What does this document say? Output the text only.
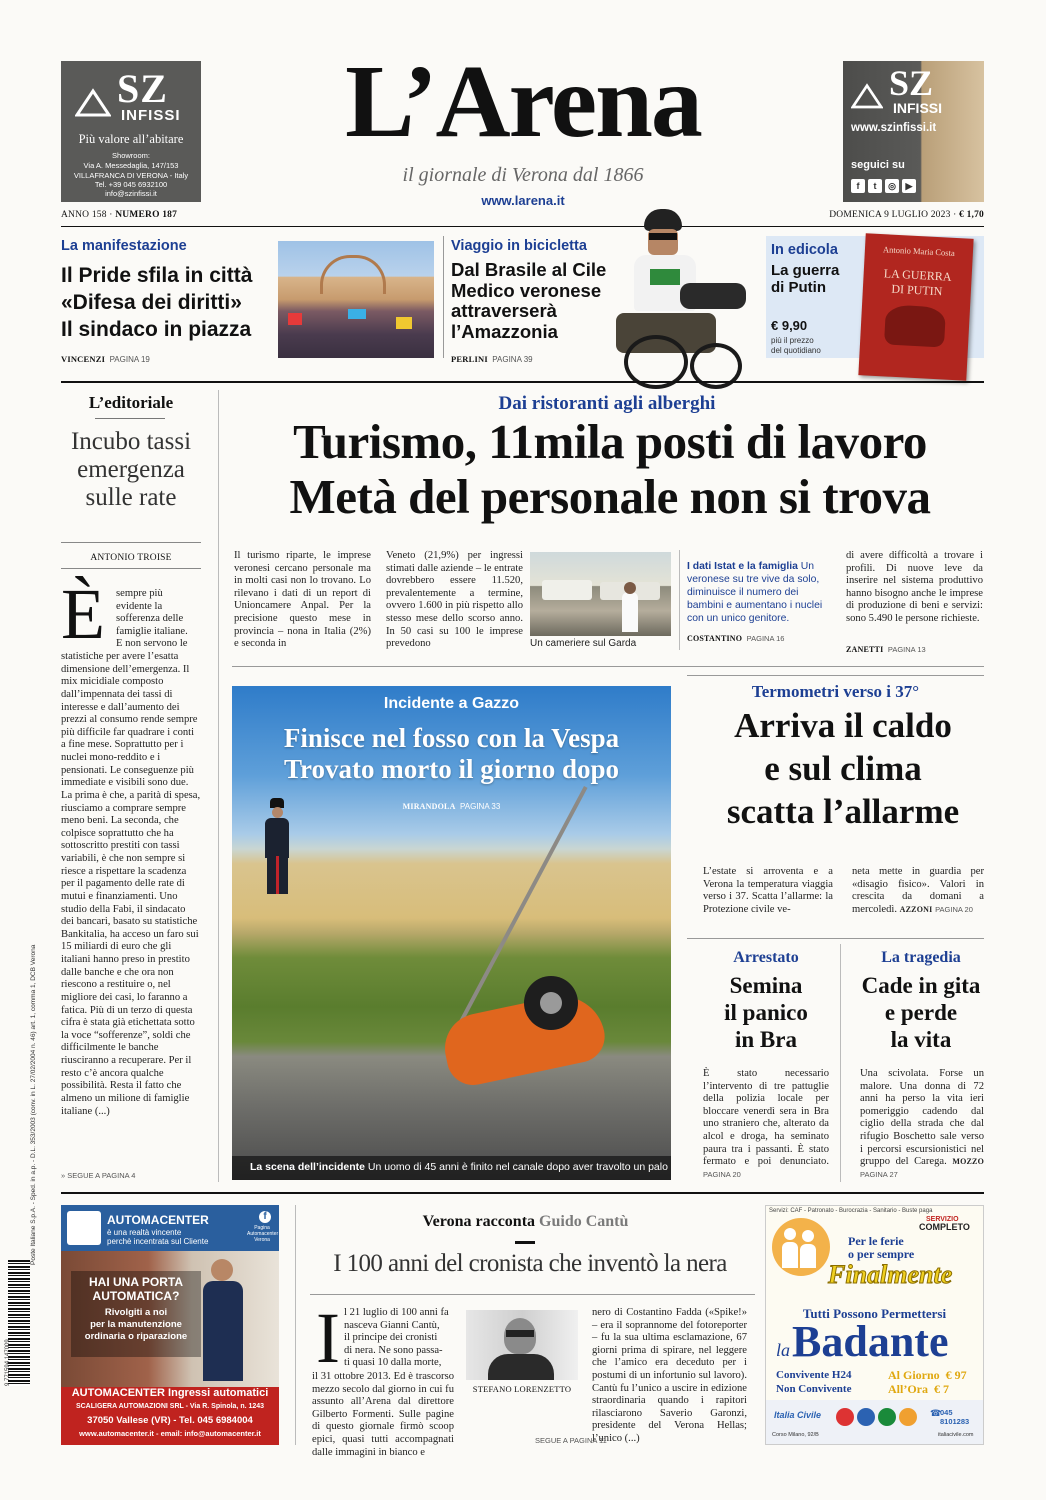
SZ
INFISSI
Più valore all’abitare
Showroom:
Via A. Messedaglia, 147/153
VILLAFRANCA DI VERONA - Italy
Tel. +39 045 6932100
info@szinfissi.it
L’Arena
il giornale di Verona dal 1866
www.larena.it
SZ
INFISSI
www.szinfissi.it
seguici su
f t ◎ ▶
ANNO 158 · NUMERO 187	DOMENICA 9 LUGLIO 2023 · € 1,70
La manifestazione
Il Pride sfila in città
«Difesa dei diritti»
Il sindaco in piazza
VINCENZI PAGINA 19
Viaggio in bicicletta
Dal Brasile al Cile
Medico veronese
attraverserà
l’Amazzonia
PERLINI PAGINA 39
In edicola
La guerra
di Putin
€ 9,90
più il prezzo
del quotidiano
Antonio Maria Costa
LA GUERRA
DI PUTIN
L’editoriale
Incubo tassi
emergenza
sulle rate
ANTONIO TROISE
È sempre più
evidente la
sofferenza delle
famiglie italiane.
E non servono le
statistiche per avere l’esatta dimensione dell’emergenza. Il mix micidiale composto dall’impennata dei tassi di interesse e dall’aumento dei prezzi al consumo rende sempre più difficile far quadrare i conti a fine mese. Soprattutto per i nuclei mono-reddito e i pensionati. Le conseguenze più immediate e visibili sono due. La prima è che, a parità di spesa, riusciamo a comprare sempre meno beni. La seconda, che colpisce soprattutto che ha sottoscritto prestiti con tassi variabili, è che non sempre si riesce a rispettare la scadenza per il pagamento delle rate di mutui e finanziamenti. Uno studio della Fabi, il sindacato dei bancari, basato su statistiche Bankitalia, ha acceso un faro sui 15 miliardi di euro che gli italiani hanno preso in prestito dalle banche e che ora non riescono a restituire o, nel migliore dei casi, lo faranno a fatica. Più di un terzo di questa cifra è stata già etichettata sotto la voce “sofferenze”, soldi che difficilmente le banche riusciranno a recuperare. Per il resto c’è ancora qualche possibilità. Resta il fatto che almeno un milione di famiglie italiane (...)
» SEGUE A PAGINA 4
Dai ristoranti agli alberghi
Turismo, 11mila posti di lavoro
Metà del personale non si trova
Il turismo riparte, le imprese veronesi cercano personale ma in molti casi non lo trovano. Lo rilevano i dati di un report di Unioncamere Anpal. Per la precisione questo mese in provincia – nona in Italia (2%) e seconda in
Veneto (21,9%) per ingressi stimati dalle aziende – le entrate dovrebbero essere 11.520, prevalentemente a termine, ovvero 1.600 in più rispetto allo stesso mese dello scorso anno. In 50 casi su 100 le imprese prevedono	Un cameriere sul Garda
I dati Istat e la famiglia Un veronese su tre vive da solo, diminuisce il numero dei bambini e aumentano i nuclei con un unico genitore.
COSTANTINO PAGINA 16
di avere difficoltà a trovare i profili. Di nuove leve da inserire nel sistema produttivo hanno bisogno anche le imprese di produzione di beni e servizi: sono 5.490 le persone richieste.
ZANETTI PAGINA 13
Incidente a Gazzo
Finisce nel fosso con la Vespa
Trovato morto il giorno dopo
MIRANDOLA PAGINA 33
La scena dell’incidente Un uomo di 45 anni è finito nel canale dopo aver travolto un palo
Termometri verso i 37°
Arriva il caldo
e sul clima
scatta l’allarme
L’estate si arroventa e a Verona la temperatura viaggia verso i 37. Scatta l’allarme: la Protezione civile ve-
neta mette in guardia per «disagio fisico». Valori in crescita da domani a mercoledì. AZZONI PAGINA 20
Arrestato
Semina
il panico
in Bra
È stato necessario l’intervento di tre pattuglie della polizia locale per bloccare venerdì sera in Bra uno straniero che, alterato da alcol e droga, ha seminato paura tra i passanti. È stato fermato e poi denunciato. PAGINA 20
La tragedia
Cade in gita
e perde
la vita
Una scivolata. Forse un malore. Una donna di 72 anni ha perso la vita ieri pomeriggio cadendo dal ciglio della strada che dal rifugio Boschetto sale verso i percorsi escursionistici nel gruppo del Carega. MOZZO PAGINA 27
AUTOMACENTER
è una realtà vincente
perchè incentrata sul Cliente
f
Pagina
Automacenter
Verona
HAI UNA PORTA
AUTOMATICA?
Rivolgiti a noi
per la manutenzione
ordinaria o riparazione
AUTOMACENTER Ingressi automatici
SCALIGERA AUTOMAZIONI SRL - Via R. Spinola, n. 1243
37050 Vallese (VR) - Tel. 045 6984004
www.automacenter.it - email: info@automacenter.it
Verona racconta Guido Cantù
I 100 anni del cronista che inventò la nera
I l 21 luglio di 100 anni fa
nasceva Gianni Cantù,
il principe dei cronisti
di nera. Ne sono passa-
ti quasi 10 dalla morte,
il 31 ottobre 2013. Ed è trascorso mezzo secolo dal giorno in cui fu assunto all’Arena dal direttore Gilberto Formenti. Sulle pagine di questo giornale firmò scoop epici, quasi tutti accompagnati dalle immagini in bianco e
STEFANO LORENZETTO
nero di Costantino Fadda («Spike!» – era il soprannome del fotoreporter – fu la sua ultima esclamazione, 67 giorni prima di spirare, nel leggere che l’amico era deceduto per i postumi di un infortunio sul lavoro). Cantù fu l’unico a uscire in edizione straordinaria quando i rapitori rilasciarono Saverio Garonzi, presidente del Verona Hellas; l’unico (...)
SEGUE A PAGINA 11
Servizi: CAF - Patronato - Burocrazia - Sanitario - Buste paga
SERVIZIO
COMPLETO
Per le ferie
o per sempre
Finalmente
Tutti Possono Permettersi
la Badante
Convivente H24
Non Convivente
Al Giorno  € 97
All’Ora  € 7
Italia Civile	☎
045 8101283
Corso Milano, 92/B	italiacivile.com
Poste Italiane S.p.A. - Sped. in a.p. - D.L. 353/2003 (conv. in L. 27/02/2004 n. 46) art. 1, comma 1, DCB Verona
9 771594 147009
